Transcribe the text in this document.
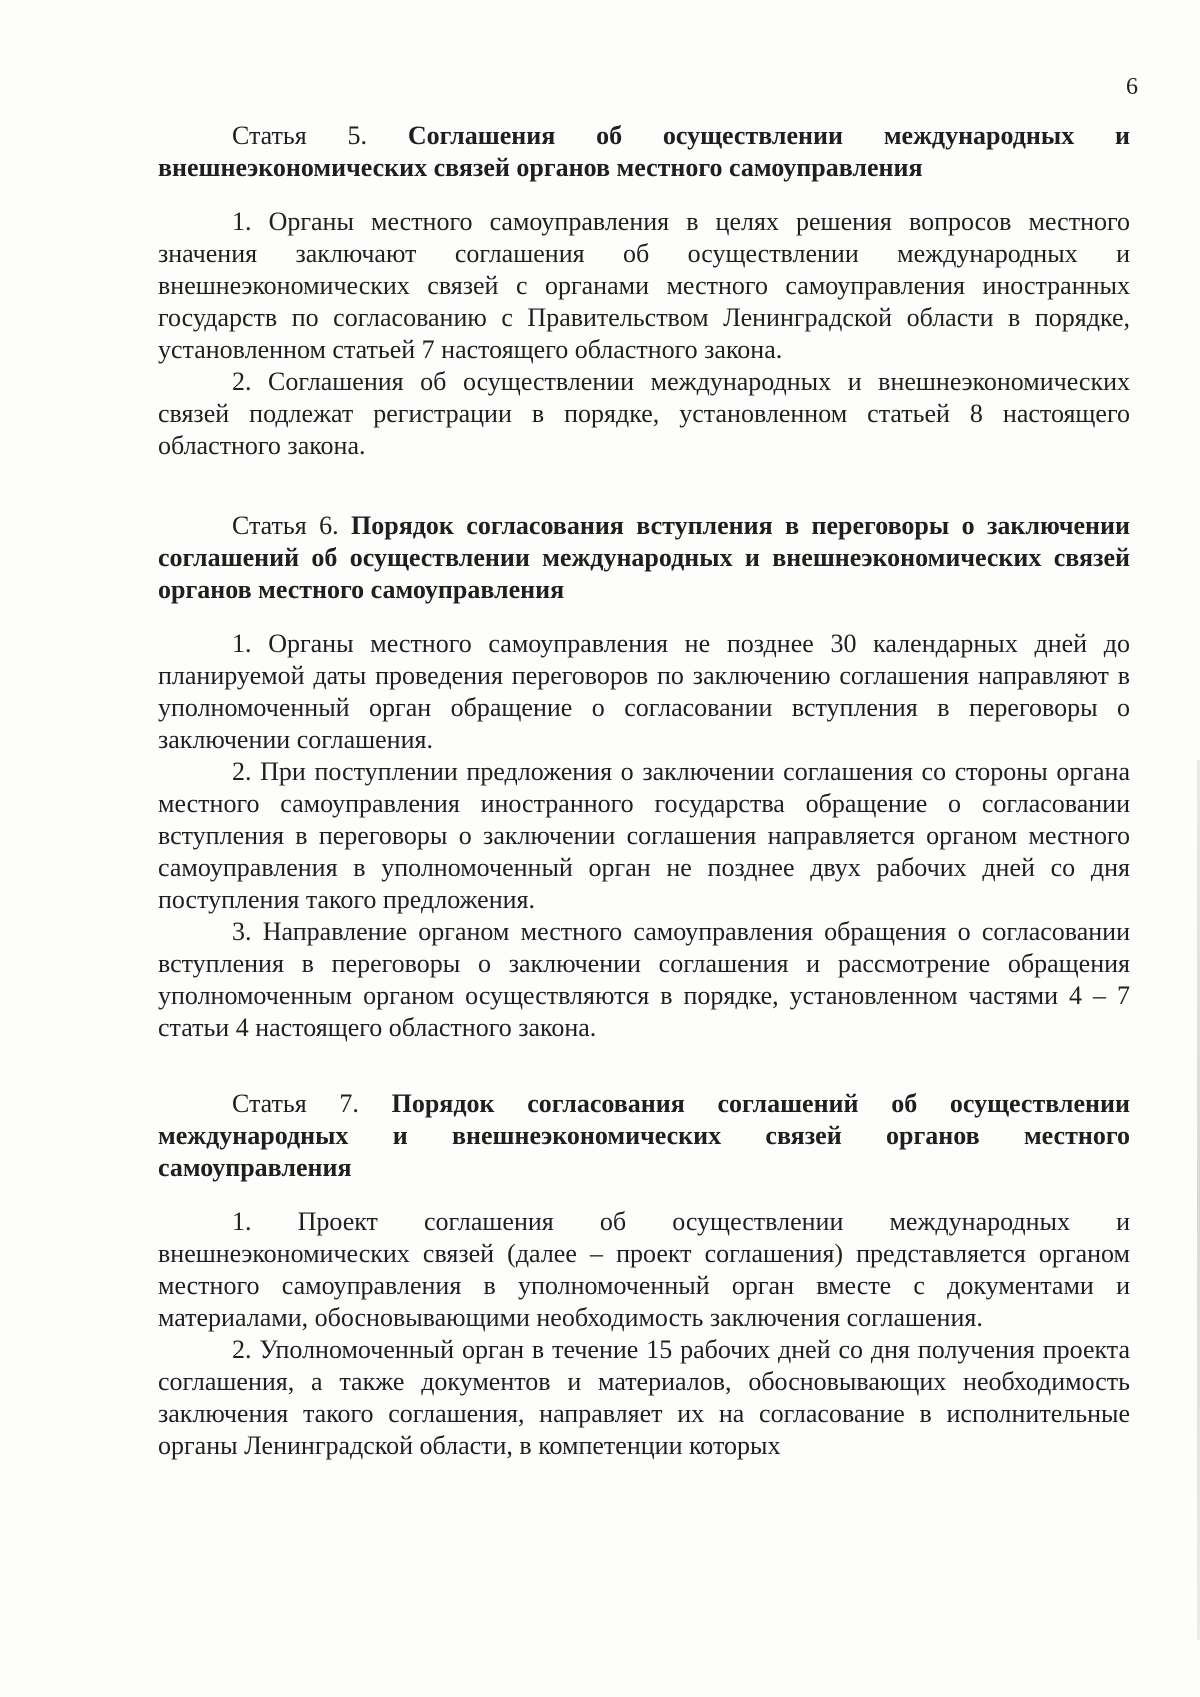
6
Статья 5. Соглашения об осуществлении международных и внешнеэкономических связей органов местного самоуправления

1. Органы местного самоуправления в целях решения вопросов местного значения заключают соглашения об осуществлении международных и внешнеэкономических связей с органами местного самоуправления иностранных государств по согласованию с Правительством Ленинградской области в порядке, установленном статьей 7 настоящего областного закона.

2. Соглашения об осуществлении международных и внешнеэкономических связей подлежат регистрации в порядке, установленном статьей 8 настоящего областного закона.

Статья 6. Порядок согласования вступления в переговоры о заключении соглашений об осуществлении международных и внешнеэкономических связей органов местного самоуправления

1. Органы местного самоуправления не позднее 30 календарных дней до планируемой даты проведения переговоров по заключению соглашения направляют в уполномоченный орган обращение о согласовании вступления в переговоры о заключении соглашения.

2. При поступлении предложения о заключении соглашения со стороны органа местного самоуправления иностранного государства обращение о согласовании вступления в переговоры о заключении соглашения направляется органом местного самоуправления в уполномоченный орган не позднее двух рабочих дней со дня поступления такого предложения.

3. Направление органом местного самоуправления обращения о согласовании вступления в переговоры о заключении соглашения и рассмотрение обращения уполномоченным органом осуществляются в порядке, установленном частями 4 – 7 статьи 4 настоящего областного закона.

Статья 7. Порядок согласования соглашений об осуществлении международных и внешнеэкономических связей органов местного самоуправления

1. Проект соглашения об осуществлении международных и внешнеэкономических связей (далее – проект соглашения) представляется органом местного самоуправления в уполномоченный орган вместе с документами и материалами, обосновывающими необходимость заключения соглашения.

2. Уполномоченный орган в течение 15 рабочих дней со дня получения проекта соглашения, а также документов и материалов, обосновывающих необходимость заключения такого соглашения, направляет их на согласование в исполнительные органы Ленинградской области, в компетенции которых
